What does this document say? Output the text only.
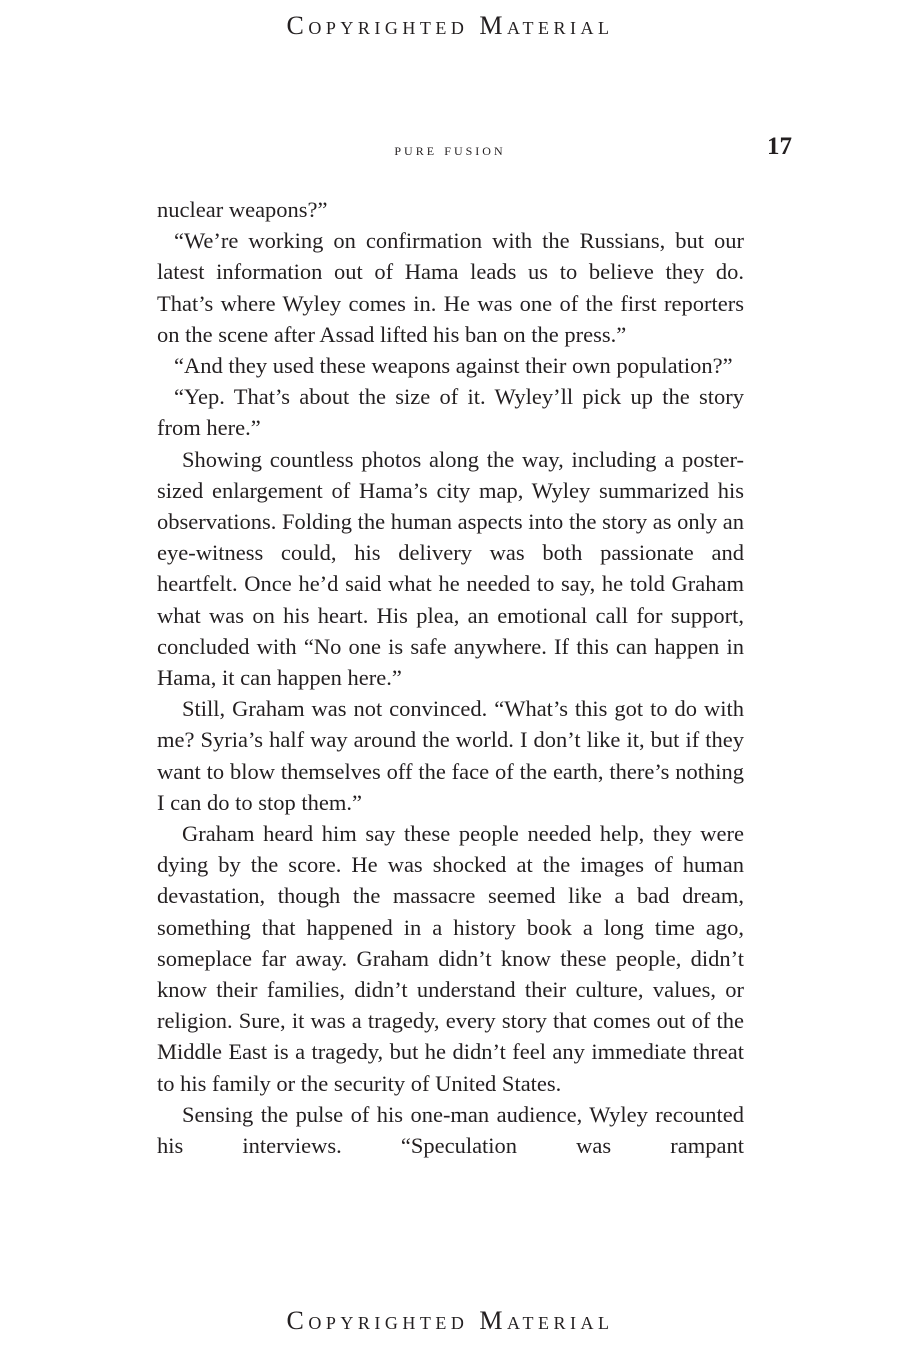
Copyrighted Material
pure fusion	17

nuclear weapons?”

“We’re working on confirmation with the Russians, but our latest information out of Hama leads us to believe they do. That’s where Wyley comes in. He was one of the first reporters on the scene after Assad lifted his ban on the press.”

“And they used these weapons against their own population?”

“Yep. That’s about the size of it. Wyley’ll pick up the story from here.”

Showing countless photos along the way, including a poster-sized enlargement of Hama’s city map, Wyley summarized his observations. Folding the human aspects into the story as only an eye-witness could, his delivery was both passionate and heartfelt. Once he’d said what he needed to say, he told Graham what was on his heart. His plea, an emotional call for support, concluded with “No one is safe anywhere. If this can happen in Hama, it can happen here.”

Still, Graham was not convinced. “What’s this got to do with me? Syria’s half way around the world. I don’t like it, but if they want to blow themselves off the face of the earth, there’s nothing I can do to stop them.”

Graham heard him say these people needed help, they were dying by the score. He was shocked at the images of human devastation, though the massacre seemed like a bad dream, something that happened in a history book a long time ago, someplace far away. Graham didn’t know these people, didn’t know their families, didn’t understand their culture, values, or religion. Sure, it was a tragedy, every story that comes out of the Middle East is a tragedy, but he didn’t feel any immediate threat to his family or the security of United States.

Sensing the pulse of his one-man audience, Wyley recounted his interviews. “Speculation was rampant

Copyrighted Material
